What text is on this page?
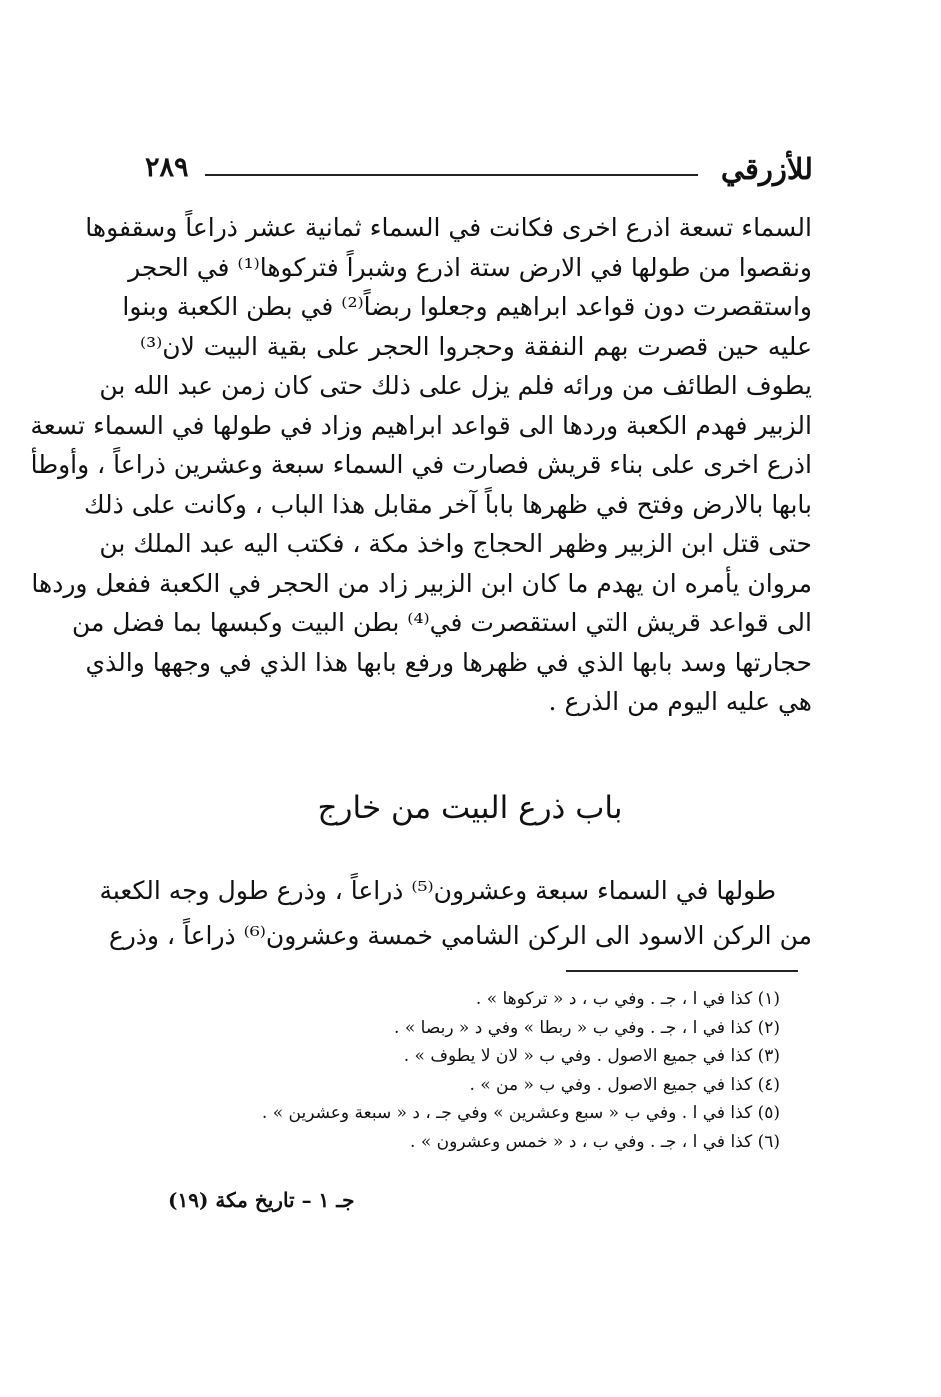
للأزرقي
٢٨٩
السماء تسعة اذرع اخرى فكانت في السماء ثمانية عشر ذراعاً وسقفوها
ونقصوا من طولها في الارض ستة اذرع وشبراً فتركوها⁽¹⁾ في الحجر
واستقصرت دون قواعد ابراهيم وجعلوا ربضاً⁽²⁾ في بطن الكعبة وبنوا
عليه حين قصرت بهم النفقة وحجروا الحجر على بقية البيت لان⁽³⁾
يطوف الطائف من ورائه فلم يزل على ذلك حتى كان زمن عبد الله بن
الزبير فهدم الكعبة وردها الى قواعد ابراهيم وزاد في طولها في السماء تسعة
اذرع اخرى على بناء قريش فصارت في السماء سبعة وعشرين ذراعاً ، وأوطأ
بابها بالارض وفتح في ظهرها باباً آخر مقابل هذا الباب ، وكانت على ذلك
حتى قتل ابن الزبير وظهر الحجاج واخذ مكة ، فكتب اليه عبد الملك بن
مروان يأمره ان يهدم ما كان ابن الزبير زاد من الحجر في الكعبة ففعل وردها
الى قواعد قريش التي استقصرت في⁽⁴⁾ بطن البيت وكبسها بما فضل من
حجارتها وسد بابها الذي في ظهرها ورفع بابها هذا الذي في وجهها والذي
هي عليه اليوم من الذرع .
باب ذرع البيت من خارج
طولها في السماء سبعة وعشرون⁽⁵⁾ ذراعاً ، وذرع طول وجه الكعبة
من الركن الاسود الى الركن الشامي خمسة وعشرون⁽⁶⁾ ذراعاً ، وذرع
(١) كذا في ا ، جـ . وفي ب ، د « تركوها » .
(٢) كذا في ا ، جـ . وفي ب « ربطا » وفي د « ربصا » .
(٣) كذا في جميع الاصول . وفي ب « لان لا يطوف » .
(٤) كذا في جميع الاصول . وفي ب « من » .
(٥) كذا في ا . وفي ب « سبع وعشرين » وفي جـ ، د « سبعة وعشرين » .
(٦) كذا في ا ، جـ . وفي ب ، د « خمس وعشرون » .
جـ ١ – تاريخ مكة (١٩)
